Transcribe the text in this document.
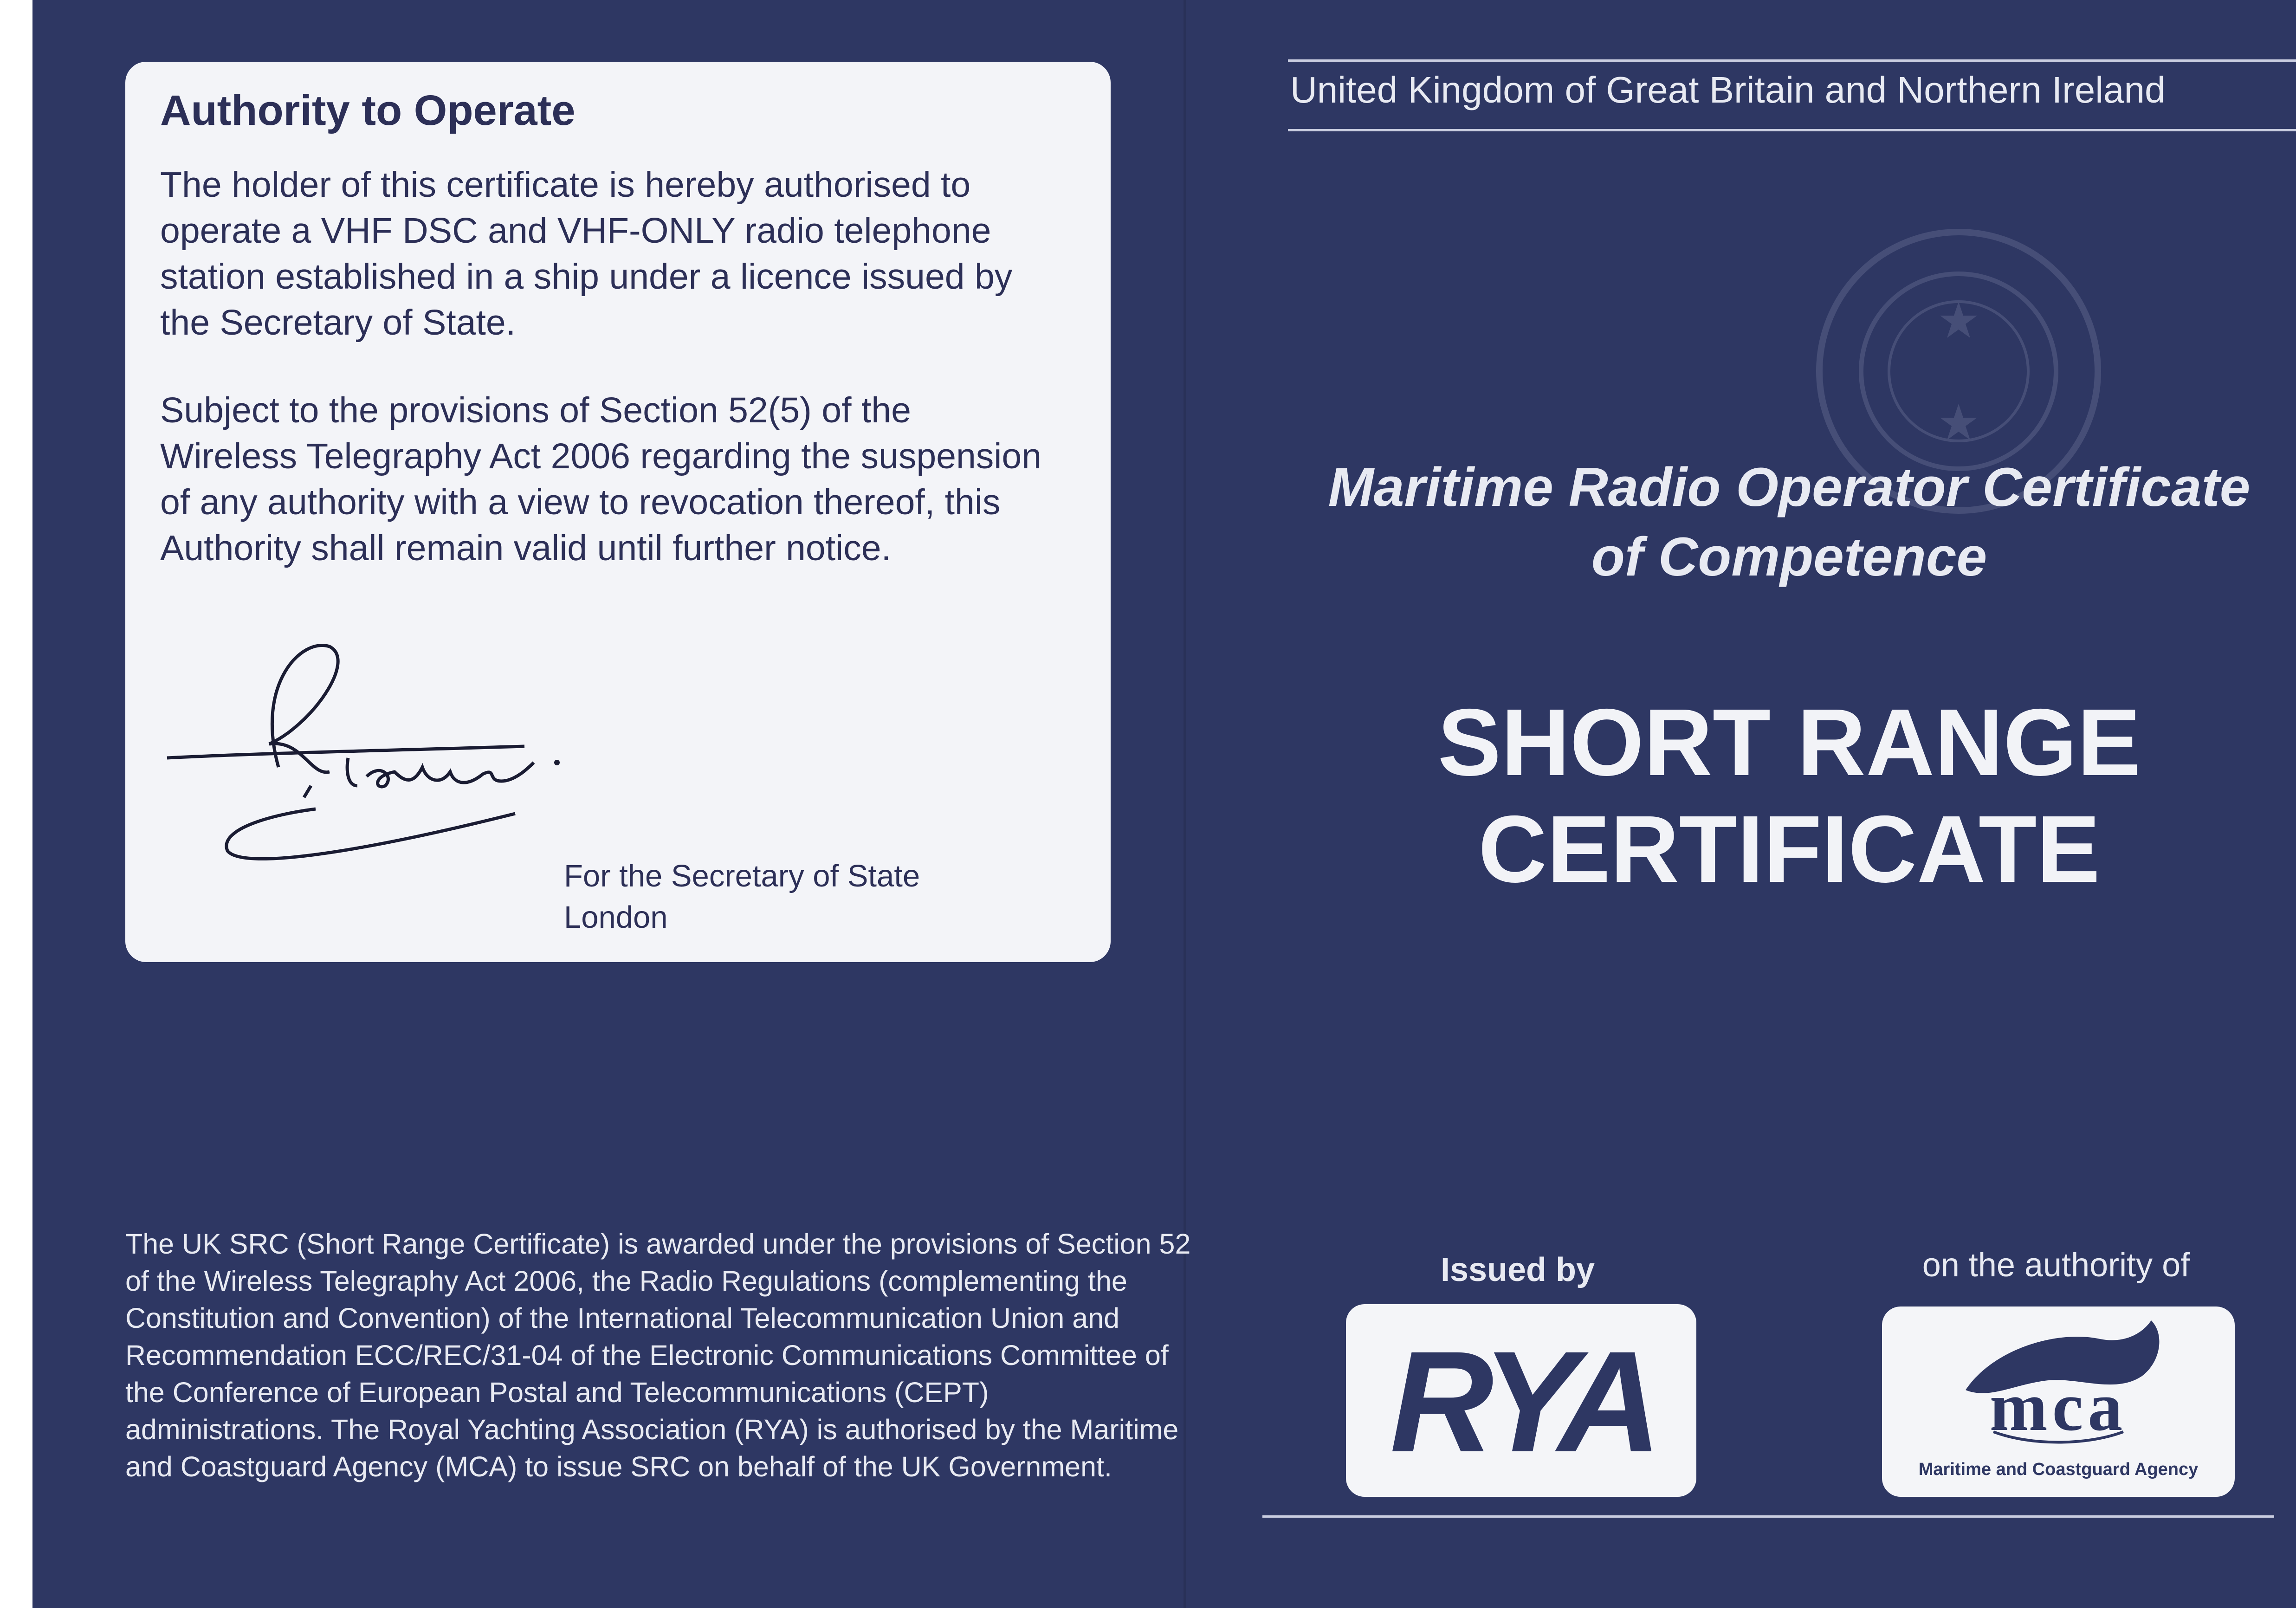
Authority to Operate

The holder of this certificate is hereby authorised to operate a VHF DSC and VHF-ONLY radio telephone station established in a ship under a licence issued by the Secretary of State.

Subject to the provisions of Section 52(5) of the Wireless Telegraphy Act 2006 regarding the suspension of any authority with a view to revocation thereof, this Authority shall remain valid until further notice.

For the Secretary of State
London
The UK SRC (Short Range Certificate) is awarded under the provisions of Section 52 of the Wireless Telegraphy Act 2006, the Radio Regulations (complementing the Constitution and Convention) of the International Telecommunication Union and Recommendation ECC/REC/31-04 of the Electronic Communications Committee of the Conference of European Postal and Telecommunications (CEPT) administrations. The Royal Yachting Association (RYA) is authorised by the Maritime and Coastguard Agency (MCA) to issue SRC on behalf of the UK Government.
United Kingdom of Great Britain and Northern Ireland
Maritime Radio Operator Certificate
of Competence
SHORT RANGE
CERTIFICATE
Issued by	on the authority of
RYA	mca
Maritime and Coastguard Agency
